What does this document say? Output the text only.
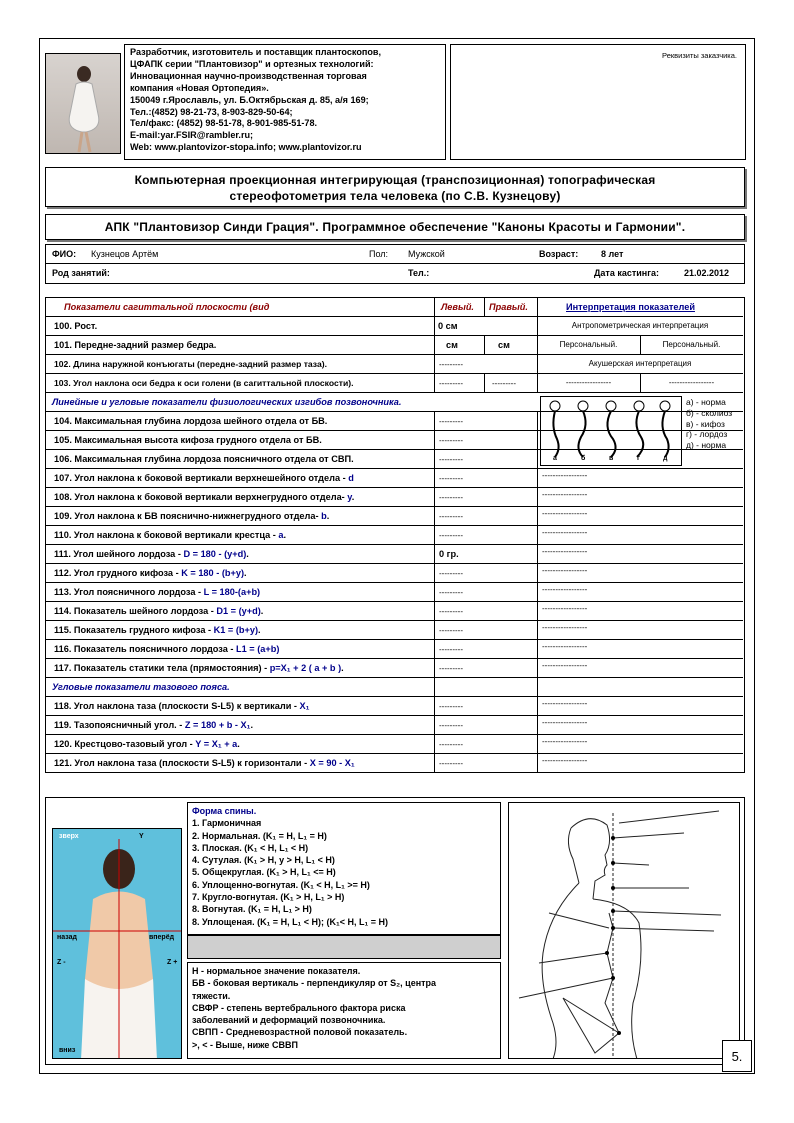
Разработчик, изготовитель и поставщик плантоскопов,
ЦФАПК серии "Плантовизор" и ортезных технологий:
Инновационная научно-производственная торговая
компания «Новая Ортопедия».
150049 г.Ярославль, ул. Б.Октябрьская д. 85, а/я 169;
Тел.:(4852) 98-21-73, 8-903-829-50-64;
Тел/факс: (4852) 98-51-78, 8-901-985-51-78.
E-mail:yar.FSIR@rambler.ru;
Web: www.plantovizor-stopa.info; www.plantovizor.ru
Реквизиты заказчика.
Компьютерная проекционная интегрирующая (транспозиционная) топографическая
стереофотометрия тела человека (по С.В. Кузнецову)
АПК "Плантовизор Синди Грация". Программное обеспечение "Каноны Красоты и Гармонии".
ФИО: Кузнецов Артём	Пол: Мужской	Возраст:	8 лет
Род занятий:	Тел.:	Дата кастинга:	21.02.2012
Показатели сагиттальной плоскости (вид	Левый. Правый.	Интерпретация показателей
100. Рост.	0 см	Антропометрическая интерпретация
101. Передне-задний размер бедра.	см	см	Персональный.	Персональный.
102. Длина наружной конъюгаты (передне-задний размер таза).	---------	Акушерская интерпретация
103. Угол наклона оси бедра к оси голени (в сагиттальной плоскости).	---------	---------	-----------------	-----------------
Линейные и угловые показатели физиологических изгибов позвоночника.
104. Максимальная глубина лордоза шейного отдела от БВ.	---------
105. Максимальная высота кифоза грудного отдела от БВ.	---------
106. Максимальная глубина лордоза поясничного отдела от СВП.	---------
107. Угол наклона к боковой вертикали верхнешейного отдела - d	---------	-----------------
108. Угол наклона к боковой вертикали верхнегрудного отдела- y.	---------	-----------------
109. Угол наклона к БВ пояснично-нижнегрудного отдела- b.	---------	-----------------
110. Угол наклона к боковой вертикали крестца - a.	---------	-----------------
111. Угол шейного лордоза - D = 180 - (y+d).	0 гр.	-----------------
112. Угол грудного кифоза - K = 180 - (b+y).	---------	-----------------
113. Угол поясничного лордоза - L = 180-(a+b)	---------	-----------------
114. Показатель шейного лордоза - D1 = (y+d).	---------	-----------------
115. Показатель грудного кифоза - K1 = (b+y).	---------	-----------------
116. Показатель поясничного лордоза - L1 = (a+b)	---------	-----------------
117. Показатель статики тела (прямостояния) - p=X₁ + 2 ( a + b ).	---------	-----------------
Угловые показатели тазового пояса.
118. Угол наклона таза (плоскости S-L5) к вертикали - X₁	---------	-----------------
119. Тазопоясничный угол. - Z = 180 + b - X₁.	---------	-----------------
120. Крестцово-тазовый угол - Y = X₁ + a.	---------	-----------------
121. Угол наклона таза (плоскости S-L5) к горизонтали - X = 90 - X₁	---------	-----------------
а	б	в	г	д
а) - норма
б) - сколиоз
в) - кифоз
г) - лордоз
д) - норма
зверх	Y
назад	вперёд
Z -	Z +
вниз
Форма спины.
1. Гармоничная
2. Нормальная. (K₁ = H, L₁ = H)
3. Плоская. (K₁ < H, L₁ < H)
4. Сутулая. (K₁ > H, y > H, L₁ < H)
5. Общекруглая. (K₁ > H, L₁ <= H)
6. Уплощенно-вогнутая. (K₁ < H, L₁ >= H)
7. Кругло-вогнутая. (K₁ > H, L₁ > H)
8. Вогнутая. (K₁ = H, L₁ > H)
8. Уплощеная. (K₁ = H, L₁ < H); (K₁< H, L₁ = H)
H - нормальное значение показателя.
БВ - боковая вертикаль - перпендикуляр от S₂, центра
тяжести.
СВФР - степень вертебрального фактора риска
заболеваний и деформаций позвоночника.
СВПП - Средневозрастной половой показатель.
>, < - Выше, ниже СВВП
5.
